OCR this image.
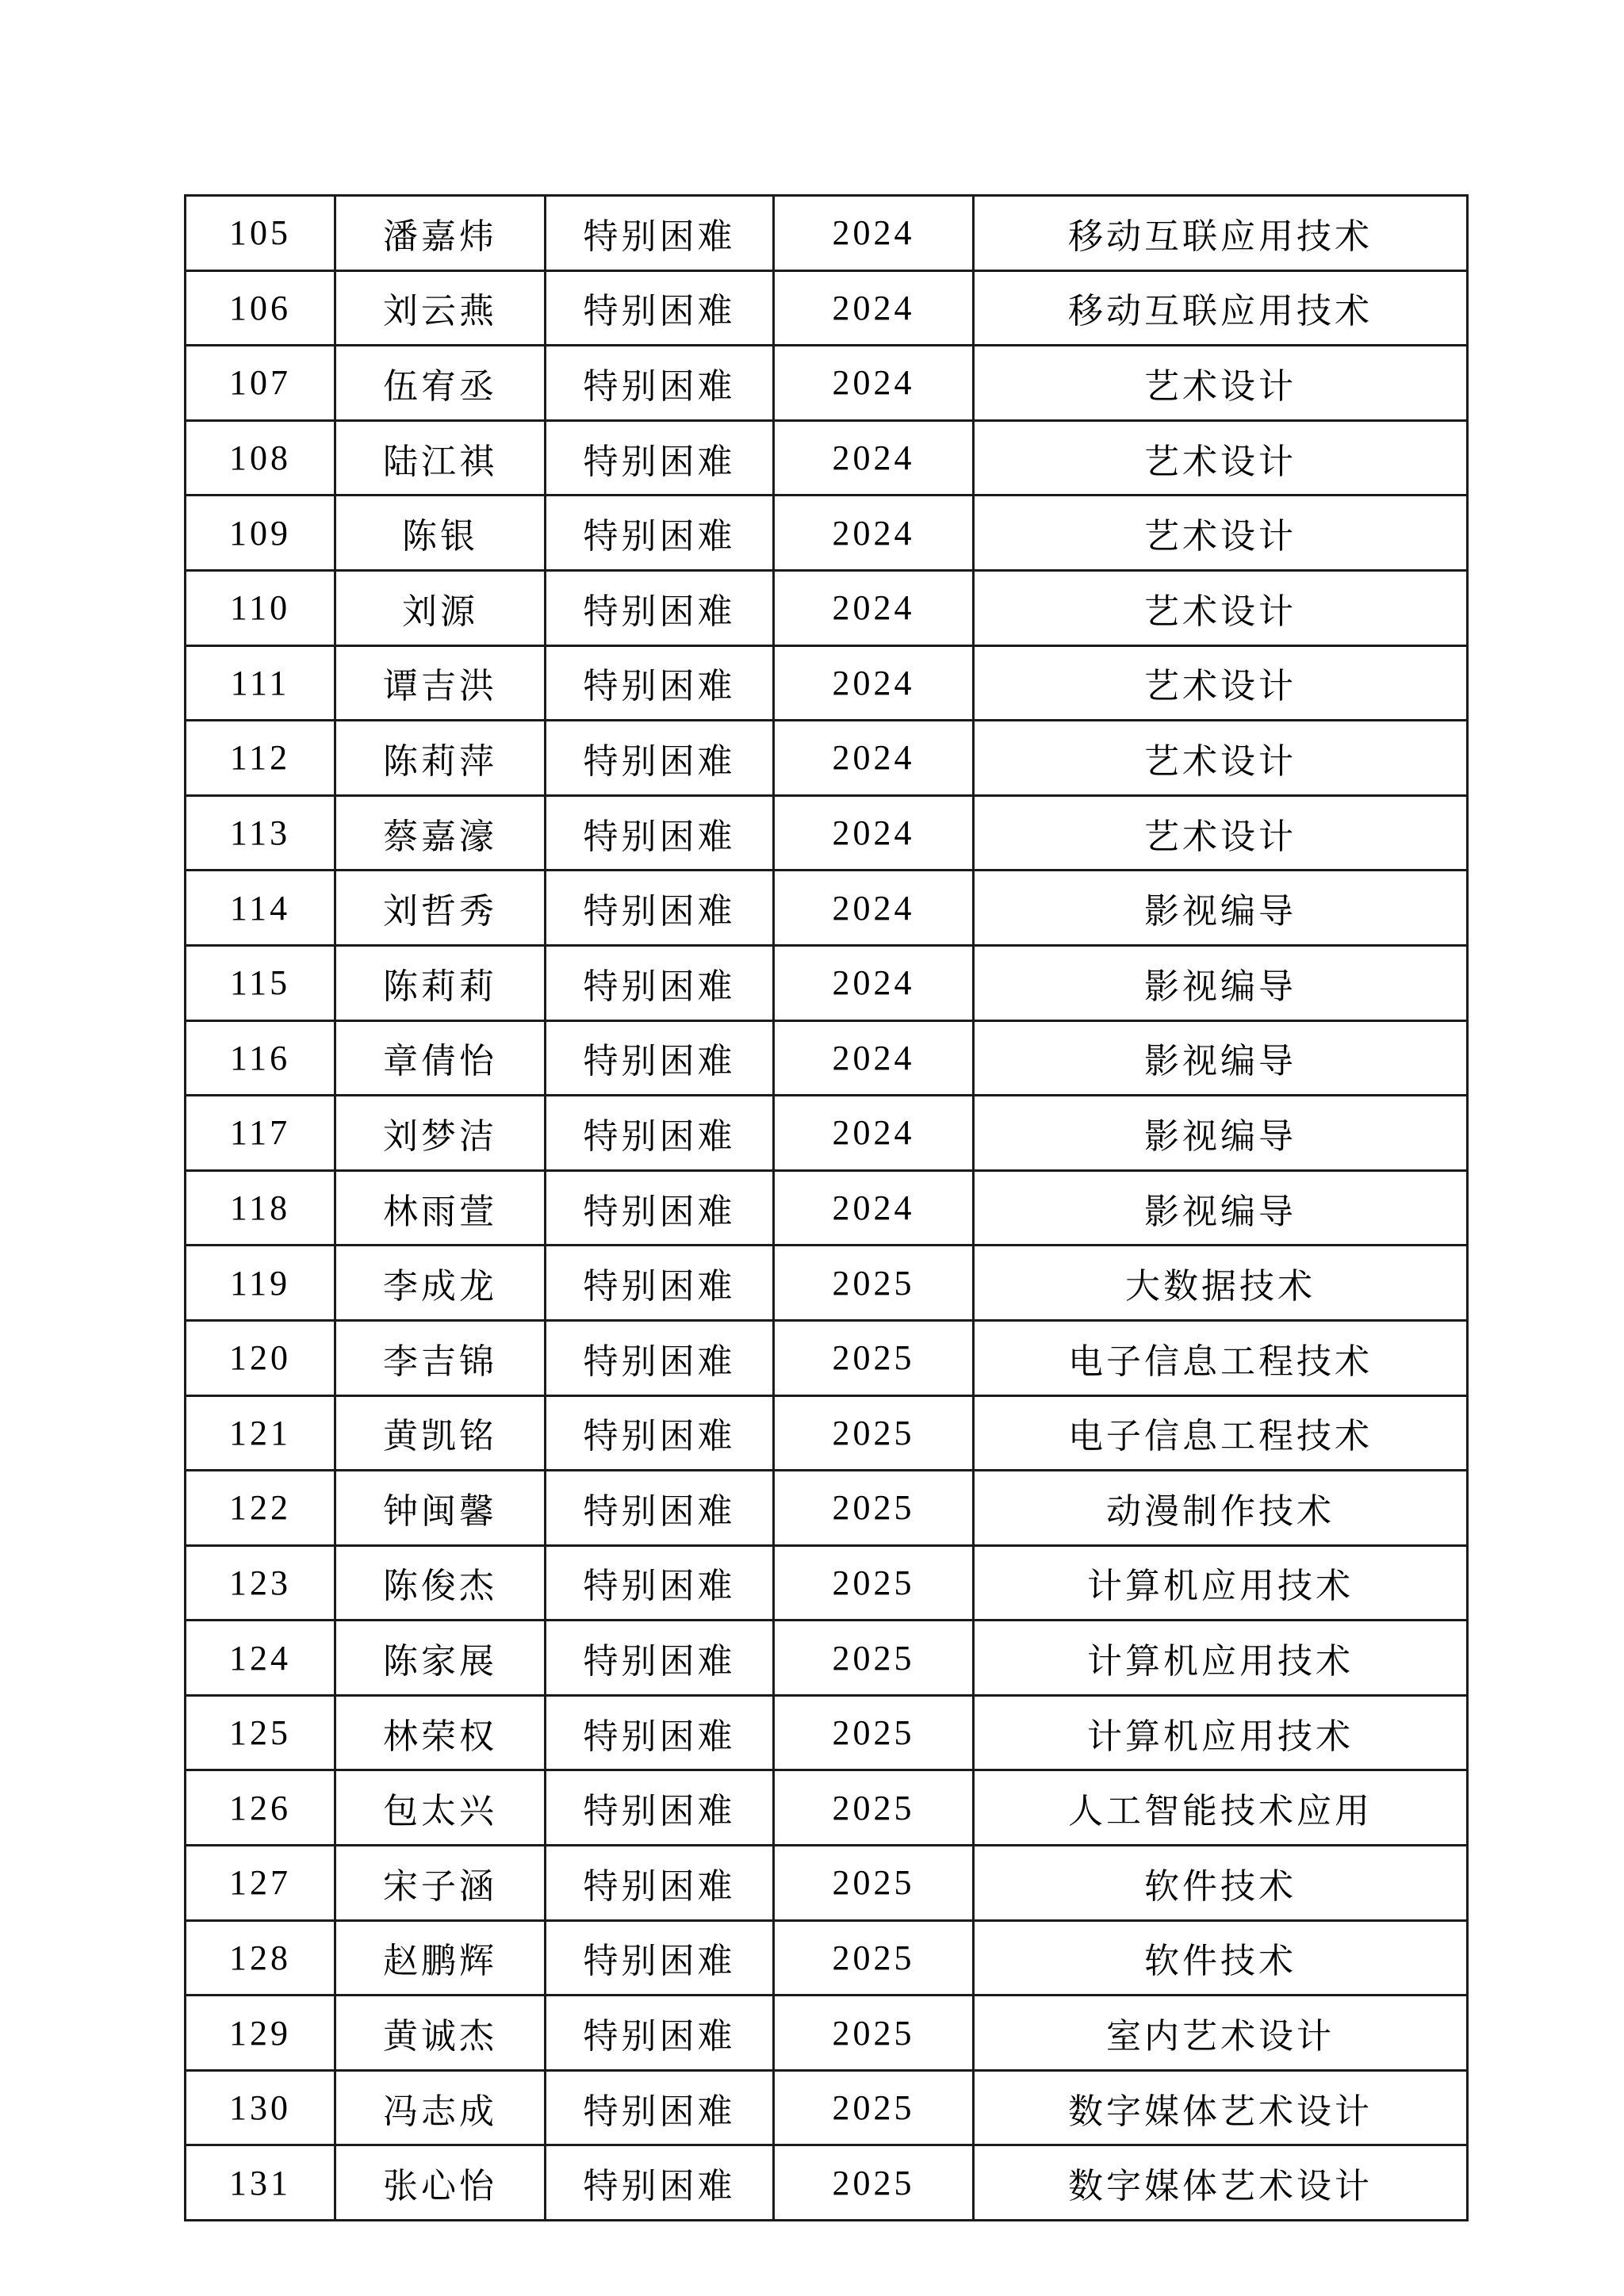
105	潘嘉炜	特别困难	2024	移动互联应用技术
106	刘云燕	特别困难	2024	移动互联应用技术
107	伍宥丞	特别困难	2024	艺术设计
108	陆江祺	特别困难	2024	艺术设计
109	陈银	特别困难	2024	艺术设计
110	刘源	特别困难	2024	艺术设计
111	谭吉洪	特别困难	2024	艺术设计
112	陈莉萍	特别困难	2024	艺术设计
113	蔡嘉濠	特别困难	2024	艺术设计
114	刘哲秀	特别困难	2024	影视编导
115	陈莉莉	特别困难	2024	影视编导
116	章倩怡	特别困难	2024	影视编导
117	刘梦洁	特别困难	2024	影视编导
118	林雨萱	特别困难	2024	影视编导
119	李成龙	特别困难	2025	大数据技术
120	李吉锦	特别困难	2025	电子信息工程技术
121	黄凯铭	特别困难	2025	电子信息工程技术
122	钟闽馨	特别困难	2025	动漫制作技术
123	陈俊杰	特别困难	2025	计算机应用技术
124	陈家展	特别困难	2025	计算机应用技术
125	林荣权	特别困难	2025	计算机应用技术
126	包太兴	特别困难	2025	人工智能技术应用
127	宋子涵	特别困难	2025	软件技术
128	赵鹏辉	特别困难	2025	软件技术
129	黄诚杰	特别困难	2025	室内艺术设计
130	冯志成	特别困难	2025	数字媒体艺术设计
131	张心怡	特别困难	2025	数字媒体艺术设计
